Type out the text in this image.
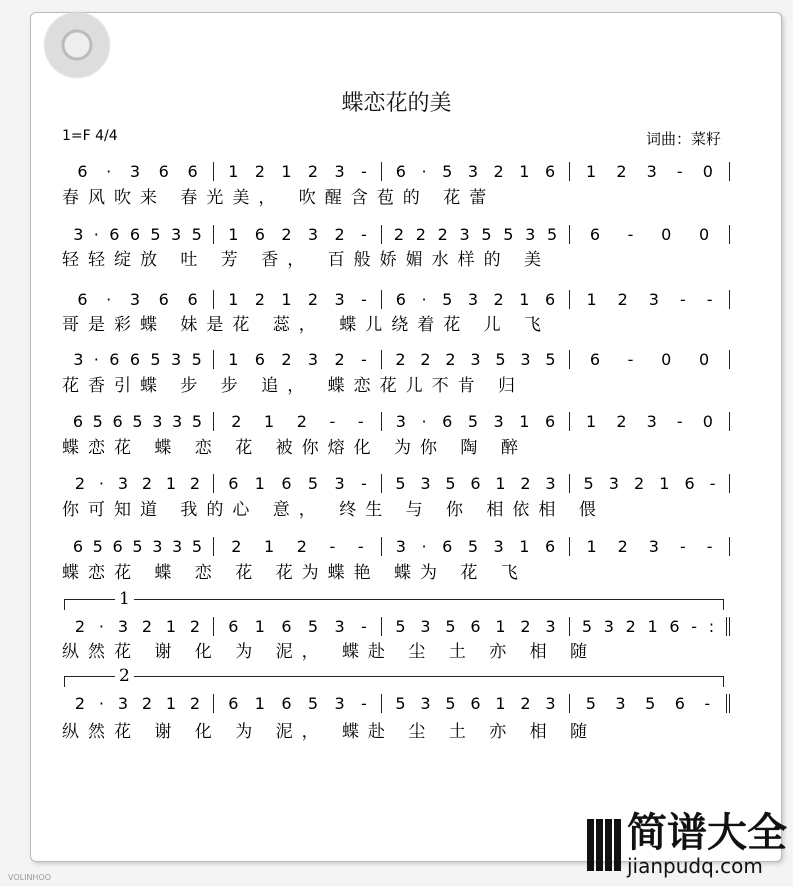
蝶恋花的美
1=F 4/4	词曲：菜籽
6 · 3 6 6 1 2 1 2 3 - 6 · 5 3 2 1 6 1 2 3 - 0
春风吹来 春光美， 吹醒含苞的 花蕾
3 · 6 6 5 3 5 1 6 2 3 2 - 2 2 2 3 5 5 3 5 6 - 0 0
轻轻绽放 吐 芳 香， 百般娇媚水样的 美
6 · 3 6 6 1 2 1 2 3 - 6 · 5 3 2 1 6 1 2 3 - -
哥是彩蝶 妹是花 蕊， 蝶儿绕着花 儿 飞
3 · 6 6 5 3 5 1 6 2 3 2 - 2 2 2 3 5 3 5 6 - 0 0
花香引蝶 步 步 追， 蝶恋花儿不肯 归
6 5 6 5 3 3 5 2 1 2 - - 3 · 6 5 3 1 6 1 2 3 - 0
蝶恋花 蝶 恋 花 被你熔化 为你 陶 醉
2 · 3 2 1 2 6 1 6 5 3 - 5 3 5 6 1 2 3 5 3 2 1 6 -
你可知道 我的心 意， 终生 与 你 相依相 偎
6 5 6 5 3 3 5 2 1 2 - - 3 · 6 5 3 1 6 1 2 3 - -
蝶恋花 蝶 恋 花 花为蝶艳 蝶为 花 飞
1
2 · 3 2 1 2 6 1 6 5 3 - 5 3 5 6 1 2 3 5 3 2 1 6 - :
纵然花 谢 化 为 泥， 蝶赴 尘 土 亦 相 随
2
2 · 3 2 1 2 6 1 6 5 3 - 5 3 5 6 1 2 3 5 3 5 6 -
纵然花 谢 化 为 泥， 蝶赴 尘 土 亦 相 随
简谱大全
jianpudq.com
VOLINHOO
